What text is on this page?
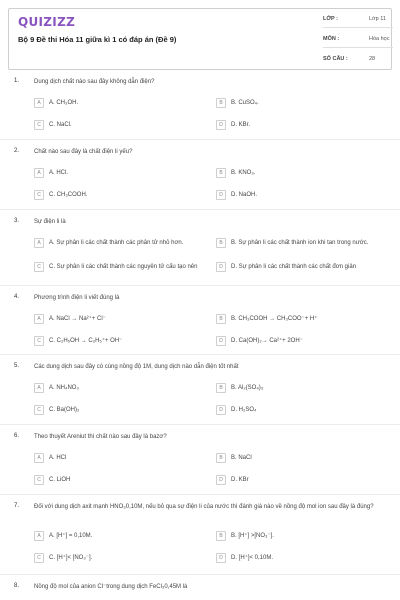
QUIZIZZ
Bộ 9 Đề thi Hóa 11 giữa kì 1 có đáp án (Đề 9)
LỚP :	Lớp 11
MÔN :	Hóa học
SỐ CÂU :	28
1. Dung dịch chất nào sau đây không dẫn điện?
A	A. CH₃OH.	B	B. CuSO₄.
C	C. NaCl.	D	D. KBr.
2. Chất nào sau đây là chất điện li yếu?
A	A. HCl.	B	B. KNO₃.
C	C. CH₃COOH.	D	D. NaOH.
3. Sự điện li là
A	A. Sự phân li các chất thành các phân tử nhỏ hơn.	B	B. Sự phân li các chất thành ion khi tan trong nước.
C	C. Sự phân li các chất thành các nguyên tử cấu tạo nên	D	D. Sự phân li các chất thành các chất đơn giản
4. Phương trình điện li viết đúng là
A	A. NaCl → Na²⁺+ Cl⁻	B	B. CH₃COOH → CH₃COO⁻+ H⁺
C	C. C₂H₅OH → C₂H₅⁺+ OH⁻	D	D. Ca(OH)₂→ Ca²⁺+ 2OH⁻
5. Các dung dịch sau đây có cùng nồng độ 1M, dung dịch nào dẫn điện tốt nhất
A	A. NH₄NO₃	B	B. Al₂(SO₄)₃
C	C. Ba(OH)₂	D	D. H₂SO₄
6. Theo thuyết Areniut thì chất nào sau đây là bazơ?
A	A. HCl	B	B. NaCl
C	C. LiOH	D	D. KBr
7. Đối với dung dịch axit mạnh HNO₃0,10M, nếu bỏ qua sự điện li của nước thì đánh giá nào về nồng độ mol ion sau đây là đúng?
A	A. [H⁺] = 0,10M.	B	B. [H⁺] >[NO₃⁻].
C	C. [H⁺]< [NO₃⁻].	D	D. [H⁺]< 0,10M.
8. Nồng độ mol của anion Cl⁻trong dung dịch FeCl₃0,45M là
